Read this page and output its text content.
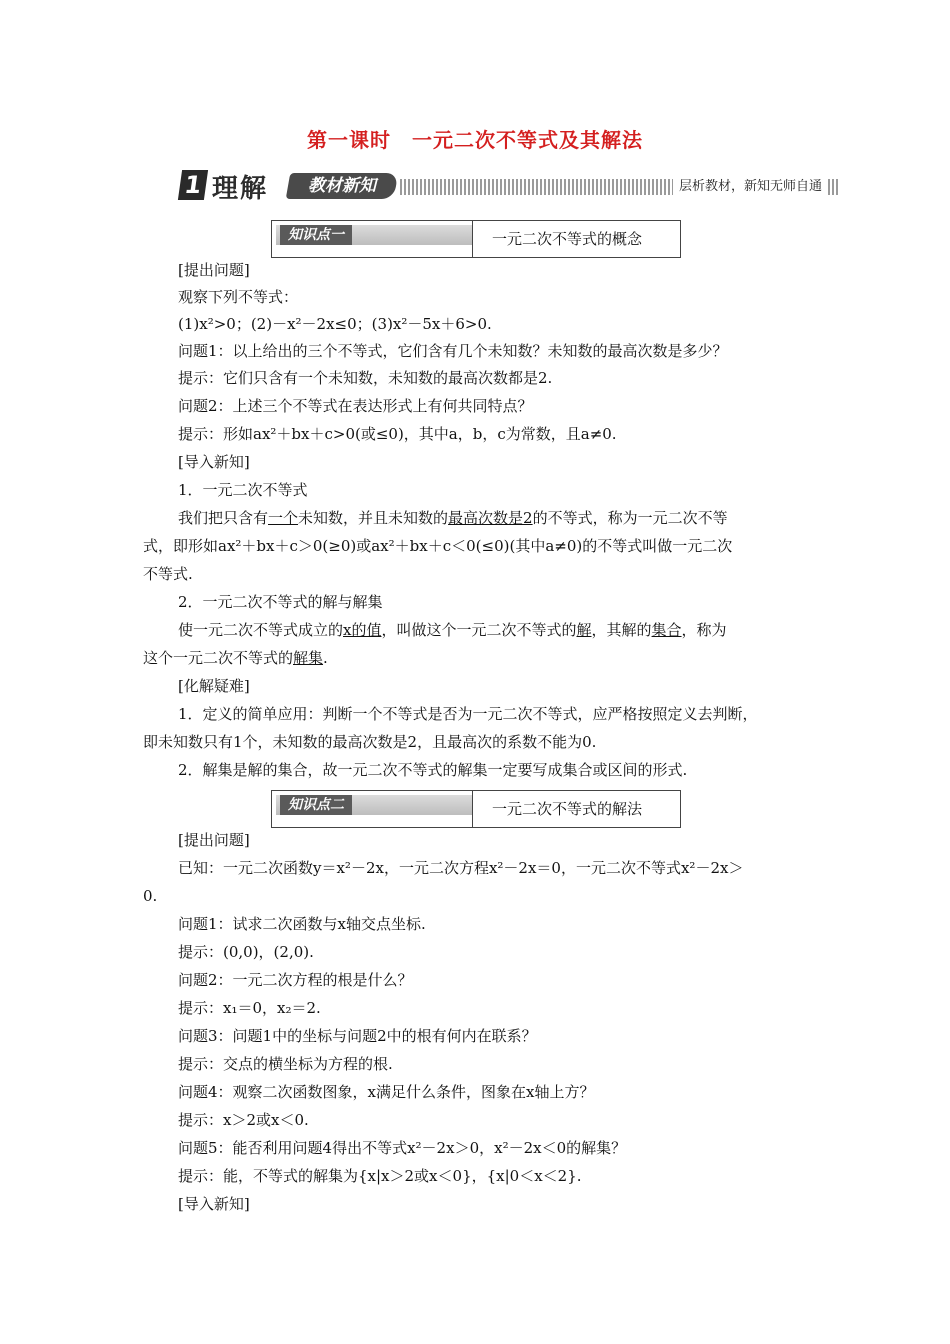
第一课时　一元二次不等式及其解法
1 理解	教材新知	层析教材，新知无师自通
知识点一	一元二次不等式的概念
[提出问题]
观察下列不等式：
(1)x²>0；(2)－x²－2x≤0；(3)x²－5x＋6>0.
问题1：以上给出的三个不等式，它们含有几个未知数？未知数的最高次数是多少？
提示：它们只含有一个未知数，未知数的最高次数都是2.
问题2：上述三个不等式在表达形式上有何共同特点？
提示：形如ax²＋bx＋c>0(或≤0)，其中a，b，c为常数，且a≠0.
[导入新知]
1．一元二次不等式
我们把只含有一个未知数，并且未知数的最高次数是2的不等式，称为一元二次不等
式，即形如ax²＋bx＋c＞0(≥0)或ax²＋bx＋c＜0(≤0)(其中a≠0)的不等式叫做一元二次
不等式.
2．一元二次不等式的解与解集
使一元二次不等式成立的x的值，叫做这个一元二次不等式的解，其解的集合，称为
这个一元二次不等式的解集.
[化解疑难]
1．定义的简单应用：判断一个不等式是否为一元二次不等式，应严格按照定义去判断，
即未知数只有1个，未知数的最高次数是2，且最高次的系数不能为0.
2．解集是解的集合，故一元二次不等式的解集一定要写成集合或区间的形式.
知识点二	一元二次不等式的解法
[提出问题]
已知：一元二次函数y＝x²－2x，一元二次方程x²－2x＝0，一元二次不等式x²－2x＞
0.
问题1：试求二次函数与x轴交点坐标.
提示：(0,0)，(2,0).
问题2：一元二次方程的根是什么？
提示：x₁＝0，x₂＝2.
问题3：问题1中的坐标与问题2中的根有何内在联系？
提示：交点的横坐标为方程的根.
问题4：观察二次函数图象，x满足什么条件，图象在x轴上方？
提示：x＞2或x＜0.
问题5：能否利用问题4得出不等式x²－2x＞0，x²－2x＜0的解集？
提示：能，不等式的解集为{x|x＞2或x＜0}，{x|0＜x＜2}.
[导入新知]
